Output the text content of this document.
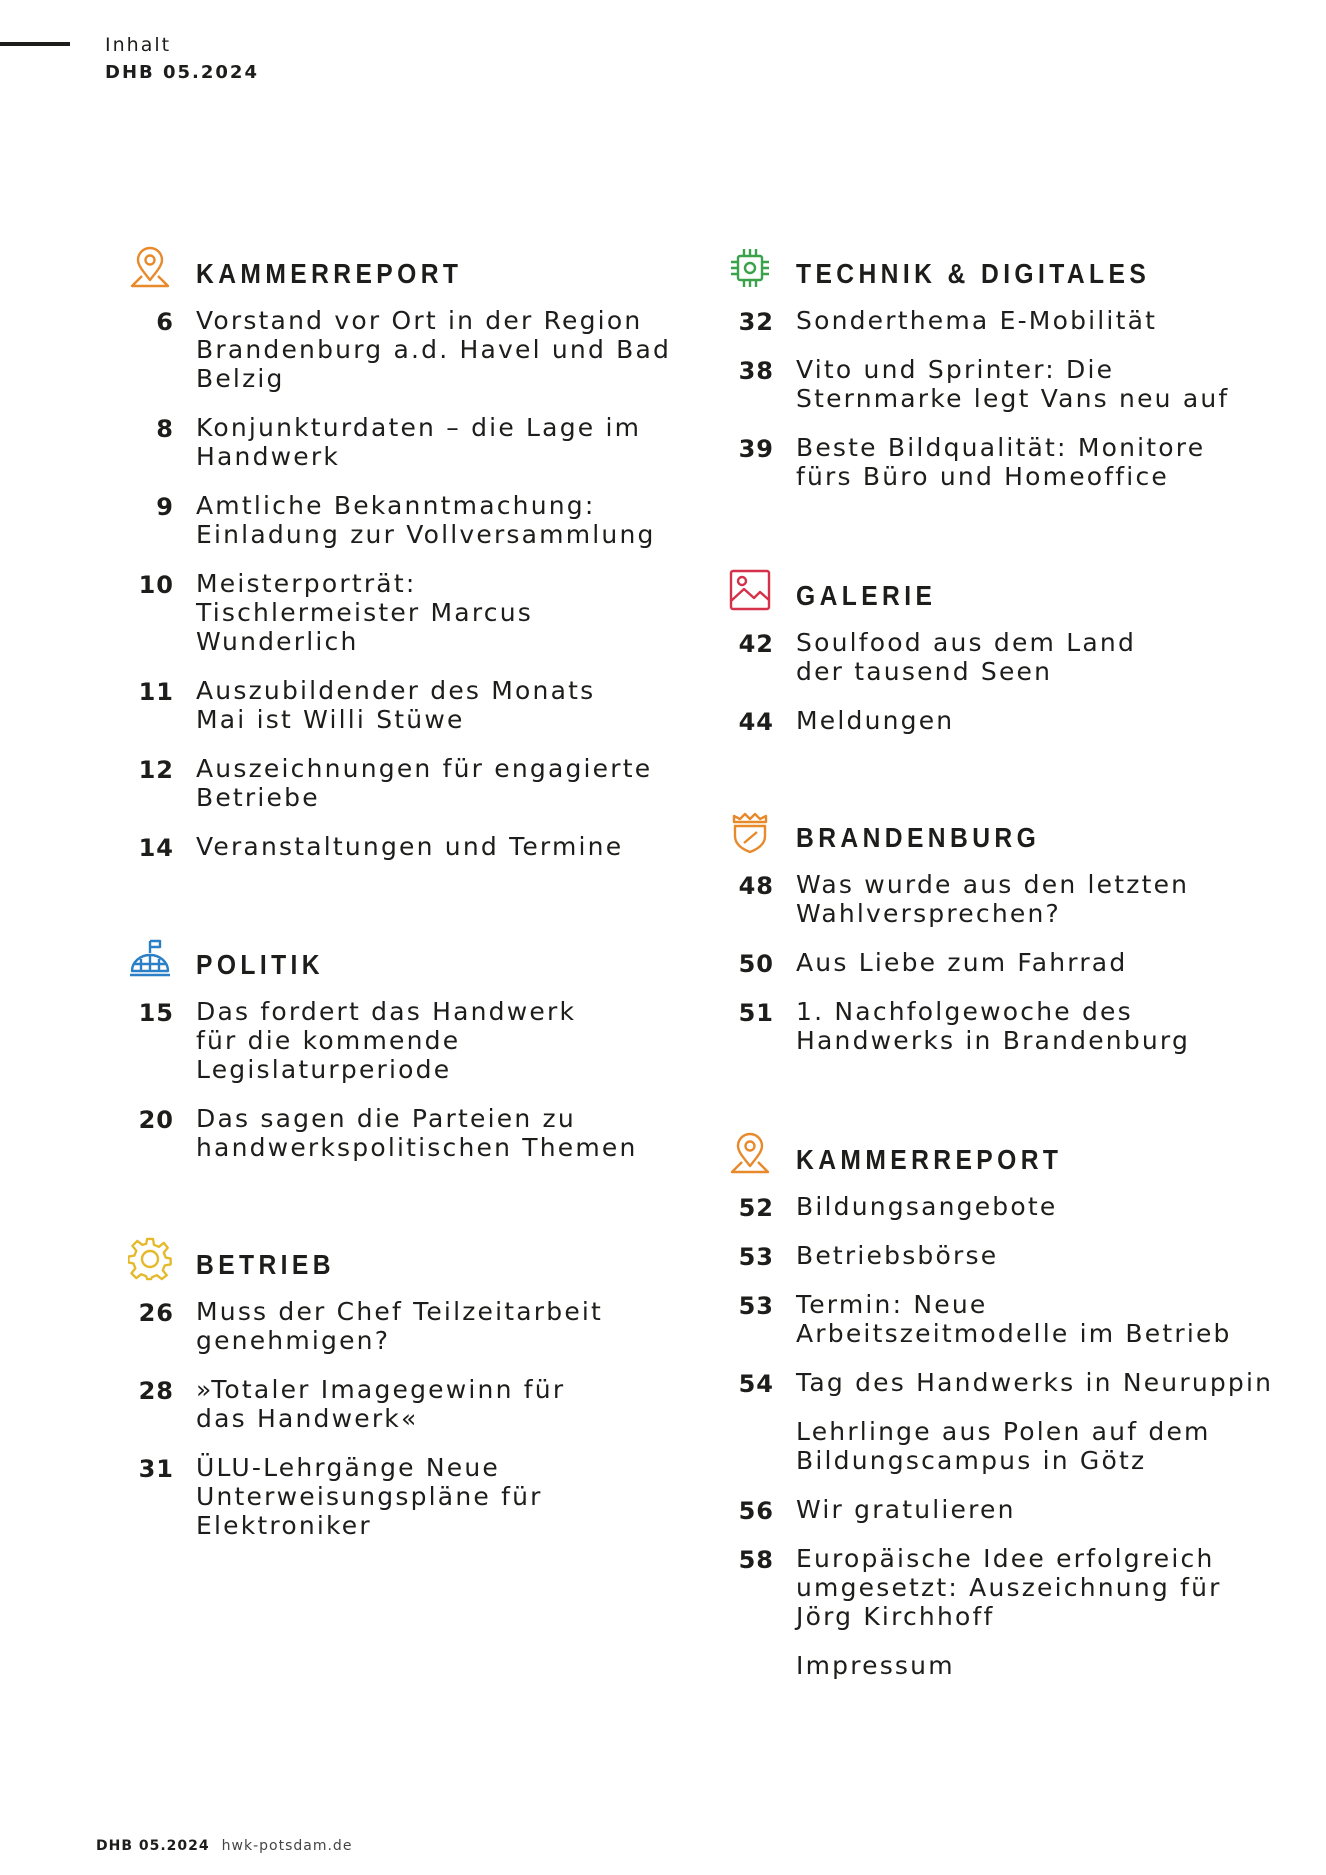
Inhalt
DHB 05.2024
KAMMERREPORT
6 Vorstand vor Ort in der Region
Brandenburg a.d. Havel und Bad
Belzig
8 Konjunkturdaten – die Lage im
Handwerk
9 Amtliche Bekanntmachung:
Einladung zur Vollversammlung
10 Meisterporträt:
Tischlermeister Marcus
Wunderlich
11 Auszubildender des Monats
Mai ist Willi Stüwe
12 Auszeichnungen für engagierte
Betriebe
14 Veranstaltungen und Termine
POLITIK
15 Das fordert das Handwerk
für die kommende
Legislaturperiode
20 Das sagen die Parteien zu
handwerkspolitischen Themen
BETRIEB
26 Muss der Chef Teilzeitarbeit
genehmigen?
28 »Totaler Imagegewinn für
das Handwerk«
31 ÜLU-Lehrgänge Neue
Unterweisungspläne für
Elektroniker
TECHNIK & DIGITALES
32 Sonderthema E-Mobilität
38 Vito und Sprinter: Die
Sternmarke legt Vans neu auf
39 Beste Bildqualität: Monitore
fürs Büro und Homeoffice
GALERIE
42 Soulfood aus dem Land
der tausend Seen
44 Meldungen
BRANDENBURG
48 Was wurde aus den letzten
Wahlversprechen?
50 Aus Liebe zum Fahrrad
51 1. Nachfolgewoche des
Handwerks in Brandenburg
KAMMERREPORT
52 Bildungsangebote
53 Betriebsbörse
53 Termin: Neue
Arbeitszeitmodelle im Betrieb
54 Tag des Handwerks in Neuruppin
Lehrlinge aus Polen auf dem
Bildungscampus in Götz
56 Wir gratulieren
58 Europäische Idee erfolgreich
umgesetzt: Auszeichnung für
Jörg Kirchhoff
Impressum
DHB 05.2024 hwk-potsdam.de
